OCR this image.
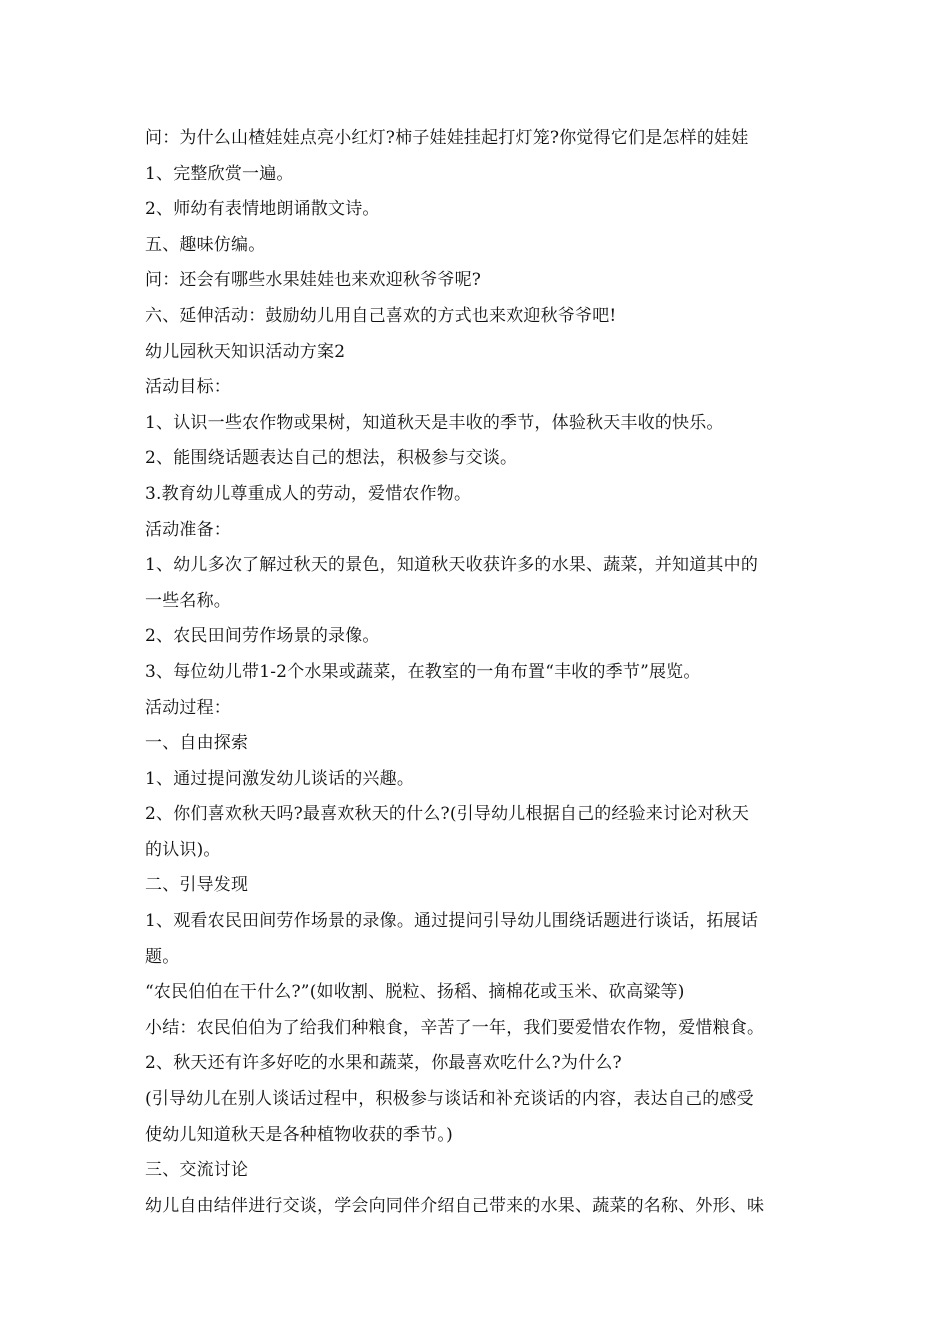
问：为什么山楂娃娃点亮小红灯?柿子娃娃挂起打灯笼?你觉得它们是怎样的娃娃
1、完整欣赏一遍。
2、师幼有表情地朗诵散文诗。
五、趣味仿编。
问：还会有哪些水果娃娃也来欢迎秋爷爷呢?
六、延伸活动：鼓励幼儿用自己喜欢的方式也来欢迎秋爷爷吧!
幼儿园秋天知识活动方案2
活动目标：
1、认识一些农作物或果树，知道秋天是丰收的季节，体验秋天丰收的快乐。
2、能围绕话题表达自己的想法，积极参与交谈。
3.教育幼儿尊重成人的劳动，爱惜农作物。
活动准备：
1、幼儿多次了解过秋天的景色，知道秋天收获许多的水果、蔬菜，并知道其中的
一些名称。
2、农民田间劳作场景的录像。
3、每位幼儿带1-2个水果或蔬菜，在教室的一角布置“丰收的季节”展览。
活动过程：
一、自由探索
1、通过提问激发幼儿谈话的兴趣。
2、你们喜欢秋天吗?最喜欢秋天的什么?(引导幼儿根据自己的经验来讨论对秋天
的认识)。
二、引导发现
1、观看农民田间劳作场景的录像。通过提问引导幼儿围绕话题进行谈话，拓展话
题。
“农民伯伯在干什么?”(如收割、脱粒、扬稻、摘棉花或玉米、砍高粱等)
小结：农民伯伯为了给我们种粮食，辛苦了一年，我们要爱惜农作物，爱惜粮食。
2、秋天还有许多好吃的水果和蔬菜，你最喜欢吃什么?为什么?
(引导幼儿在别人谈话过程中，积极参与谈话和补充谈话的内容，表达自己的感受
使幼儿知道秋天是各种植物收获的季节。)
三、交流讨论
幼儿自由结伴进行交谈，学会向同伴介绍自己带来的水果、蔬菜的名称、外形、味
